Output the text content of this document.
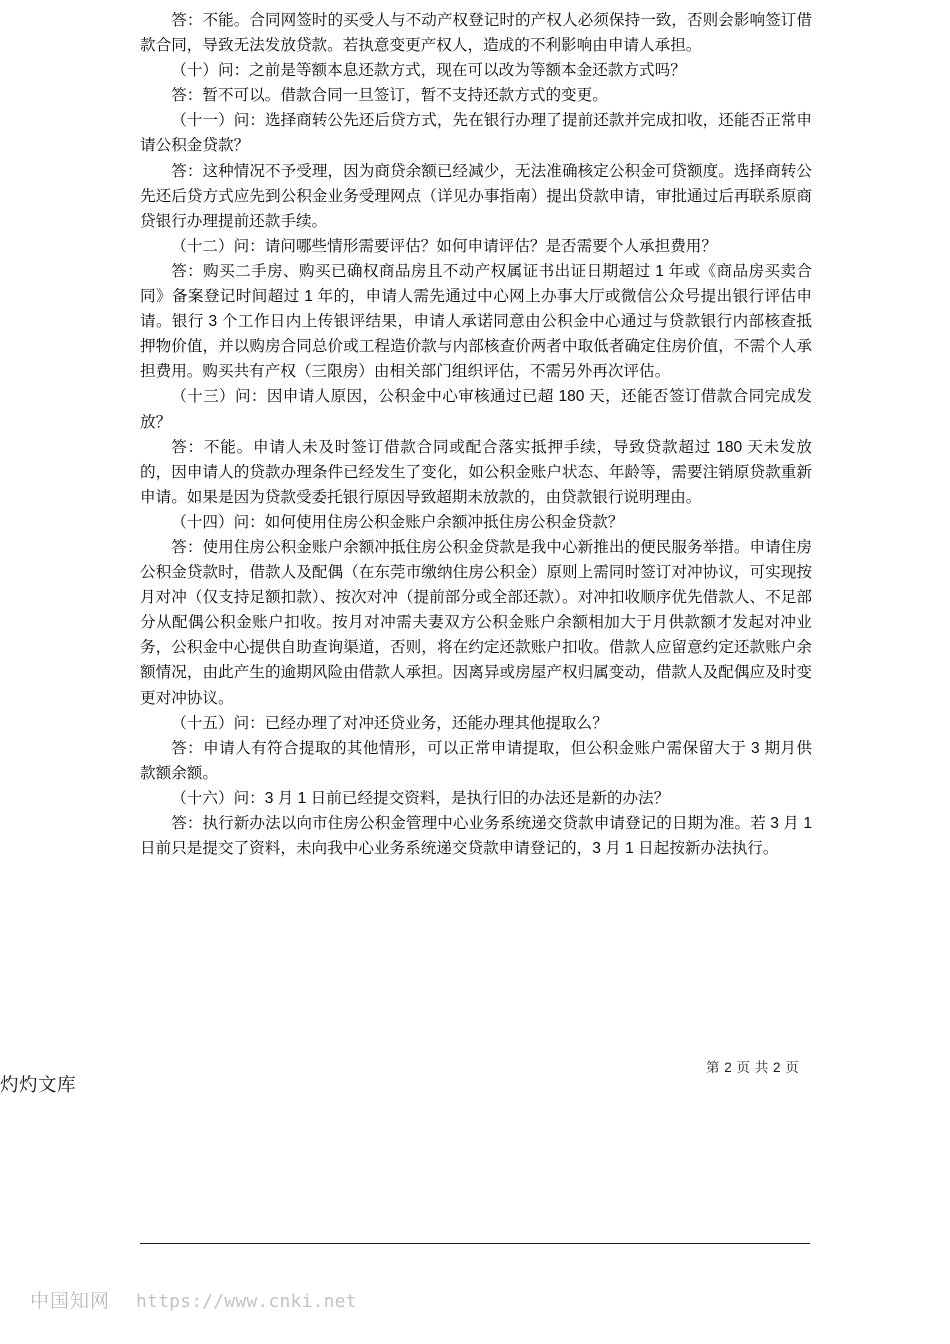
答：不能。合同网签时的买受人与不动产权登记时的产权人必须保持一致，否则会影响签订借款合同，导致无法发放贷款。若执意变更产权人，造成的不利影响由申请人承担。

（十）问：之前是等额本息还款方式，现在可以改为等额本金还款方式吗？

答：暂不可以。借款合同一旦签订，暂不支持还款方式的变更。

（十一）问：选择商转公先还后贷方式，先在银行办理了提前还款并完成扣收，还能否正常申请公积金贷款？

答：这种情况不予受理，因为商贷余额已经减少，无法准确核定公积金可贷额度。选择商转公先还后贷方式应先到公积金业务受理网点（详见办事指南）提出贷款申请，审批通过后再联系原商贷银行办理提前还款手续。

（十二）问：请问哪些情形需要评估？如何申请评估？是否需要个人承担费用？

答：购买二手房、购买已确权商品房且不动产权属证书出证日期超过 1 年或《商品房买卖合同》备案登记时间超过 1 年的，申请人需先通过中心网上办事大厅或微信公众号提出银行评估申请。银行 3 个工作日内上传银评结果，申请人承诺同意由公积金中心通过与贷款银行内部核查抵押物价值，并以购房合同总价或工程造价款与内部核查价两者中取低者确定住房价值，不需个人承担费用。购买共有产权（三限房）由相关部门组织评估，不需另外再次评估。

（十三）问：因申请人原因，公积金中心审核通过已超 180 天，还能否签订借款合同完成发放？

答：不能。申请人未及时签订借款合同或配合落实抵押手续，导致贷款超过 180 天未发放的，因申请人的贷款办理条件已经发生了变化，如公积金账户状态、年龄等，需要注销原贷款重新申请。如果是因为贷款受委托银行原因导致超期未放款的，由贷款银行说明理由。

（十四）问：如何使用住房公积金账户余额冲抵住房公积金贷款？

答：使用住房公积金账户余额冲抵住房公积金贷款是我中心新推出的便民服务举措。申请住房公积金贷款时，借款人及配偶（在东莞市缴纳住房公积金）原则上需同时签订对冲协议，可实现按月对冲（仅支持足额扣款）、按次对冲（提前部分或全部还款）。对冲扣收顺序优先借款人、不足部分从配偶公积金账户扣收。按月对冲需夫妻双方公积金账户余额相加大于月供款额才发起对冲业务，公积金中心提供自助查询渠道，否则，将在约定还款账户扣收。借款人应留意约定还款账户余额情况，由此产生的逾期风险由借款人承担。因离异或房屋产权归属变动，借款人及配偶应及时变更对冲协议。

（十五）问：已经办理了对冲还贷业务，还能办理其他提取么？

答：申请人有符合提取的其他情形，可以正常申请提取，但公积金账户需保留大于 3 期月供款额余额。

（十六）问：3 月 1 日前已经提交资料，是执行旧的办法还是新的办法？

答：执行新办法以向市住房公积金管理中心业务系统递交贷款申请登记的日期为准。若 3 月 1 日前只是提交了资料，未向我中心业务系统递交贷款申请登记的，3 月 1 日起按新办法执行。

第 2 页 共 2 页
灼灼文库
中国知网 https://www.cnki.net
